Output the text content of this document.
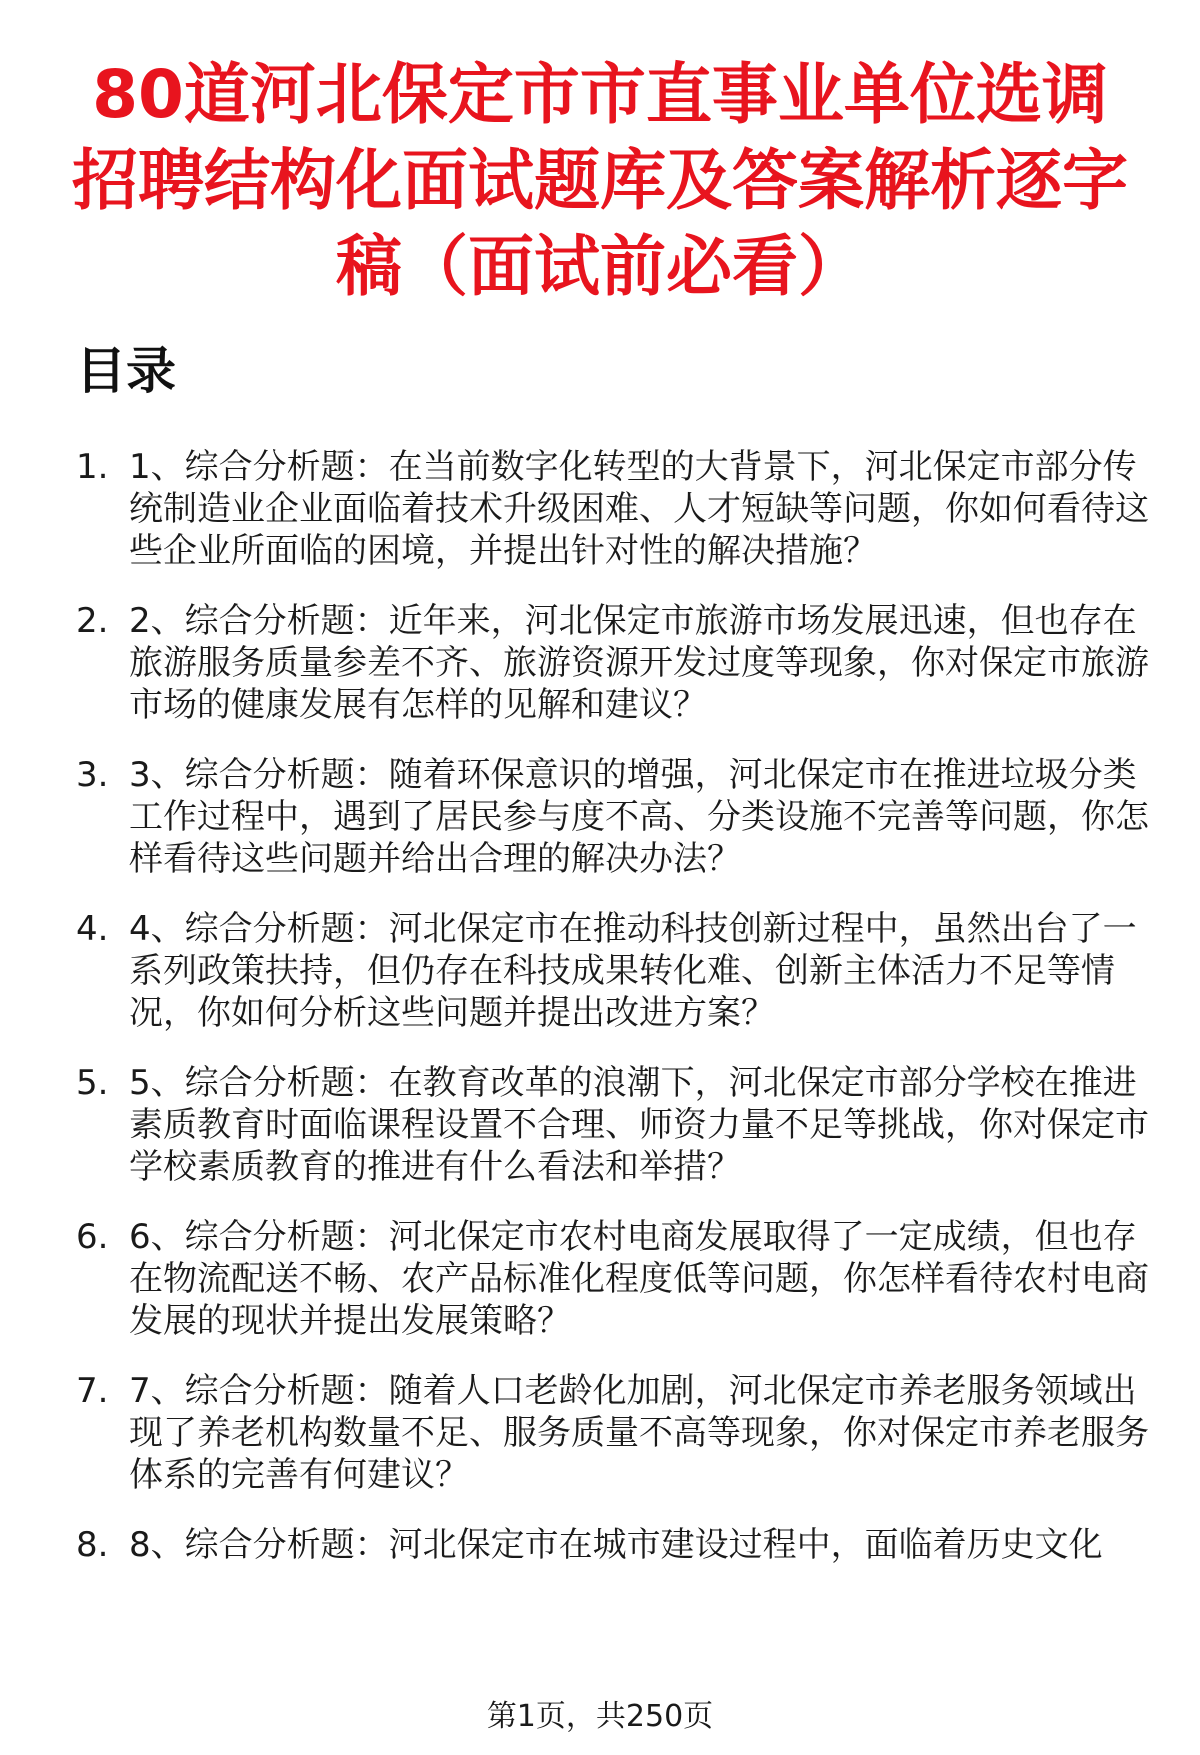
80道河北保定市市直事业单位选调招聘结构化面试题库及答案解析逐字稿（面试前必看）
目录
1. 1、综合分析题：在当前数字化转型的大背景下，河北保定市部分传统制造业企业面临着技术升级困难、人才短缺等问题，你如何看待这些企业所面临的困境，并提出针对性的解决措施？
2. 2、综合分析题：近年来，河北保定市旅游市场发展迅速，但也存在旅游服务质量参差不齐、旅游资源开发过度等现象，你对保定市旅游市场的健康发展有怎样的见解和建议？
3. 3、综合分析题：随着环保意识的增强，河北保定市在推进垃圾分类工作过程中，遇到了居民参与度不高、分类设施不完善等问题，你怎样看待这些问题并给出合理的解决办法？
4. 4、综合分析题：河北保定市在推动科技创新过程中，虽然出台了一系列政策扶持，但仍存在科技成果转化难、创新主体活力不足等情况，你如何分析这些问题并提出改进方案？
5. 5、综合分析题：在教育改革的浪潮下，河北保定市部分学校在推进素质教育时面临课程设置不合理、师资力量不足等挑战，你对保定市学校素质教育的推进有什么看法和举措？
6. 6、综合分析题：河北保定市农村电商发展取得了一定成绩，但也存在物流配送不畅、农产品标准化程度低等问题，你怎样看待农村电商发展的现状并提出发展策略？
7. 7、综合分析题：随着人口老龄化加剧，河北保定市养老服务领域出现了养老机构数量不足、服务质量不高等现象，你对保定市养老服务体系的完善有何建议？
8. 8、综合分析题：河北保定市在城市建设过程中，面临着历史文化
第1页，共250页
